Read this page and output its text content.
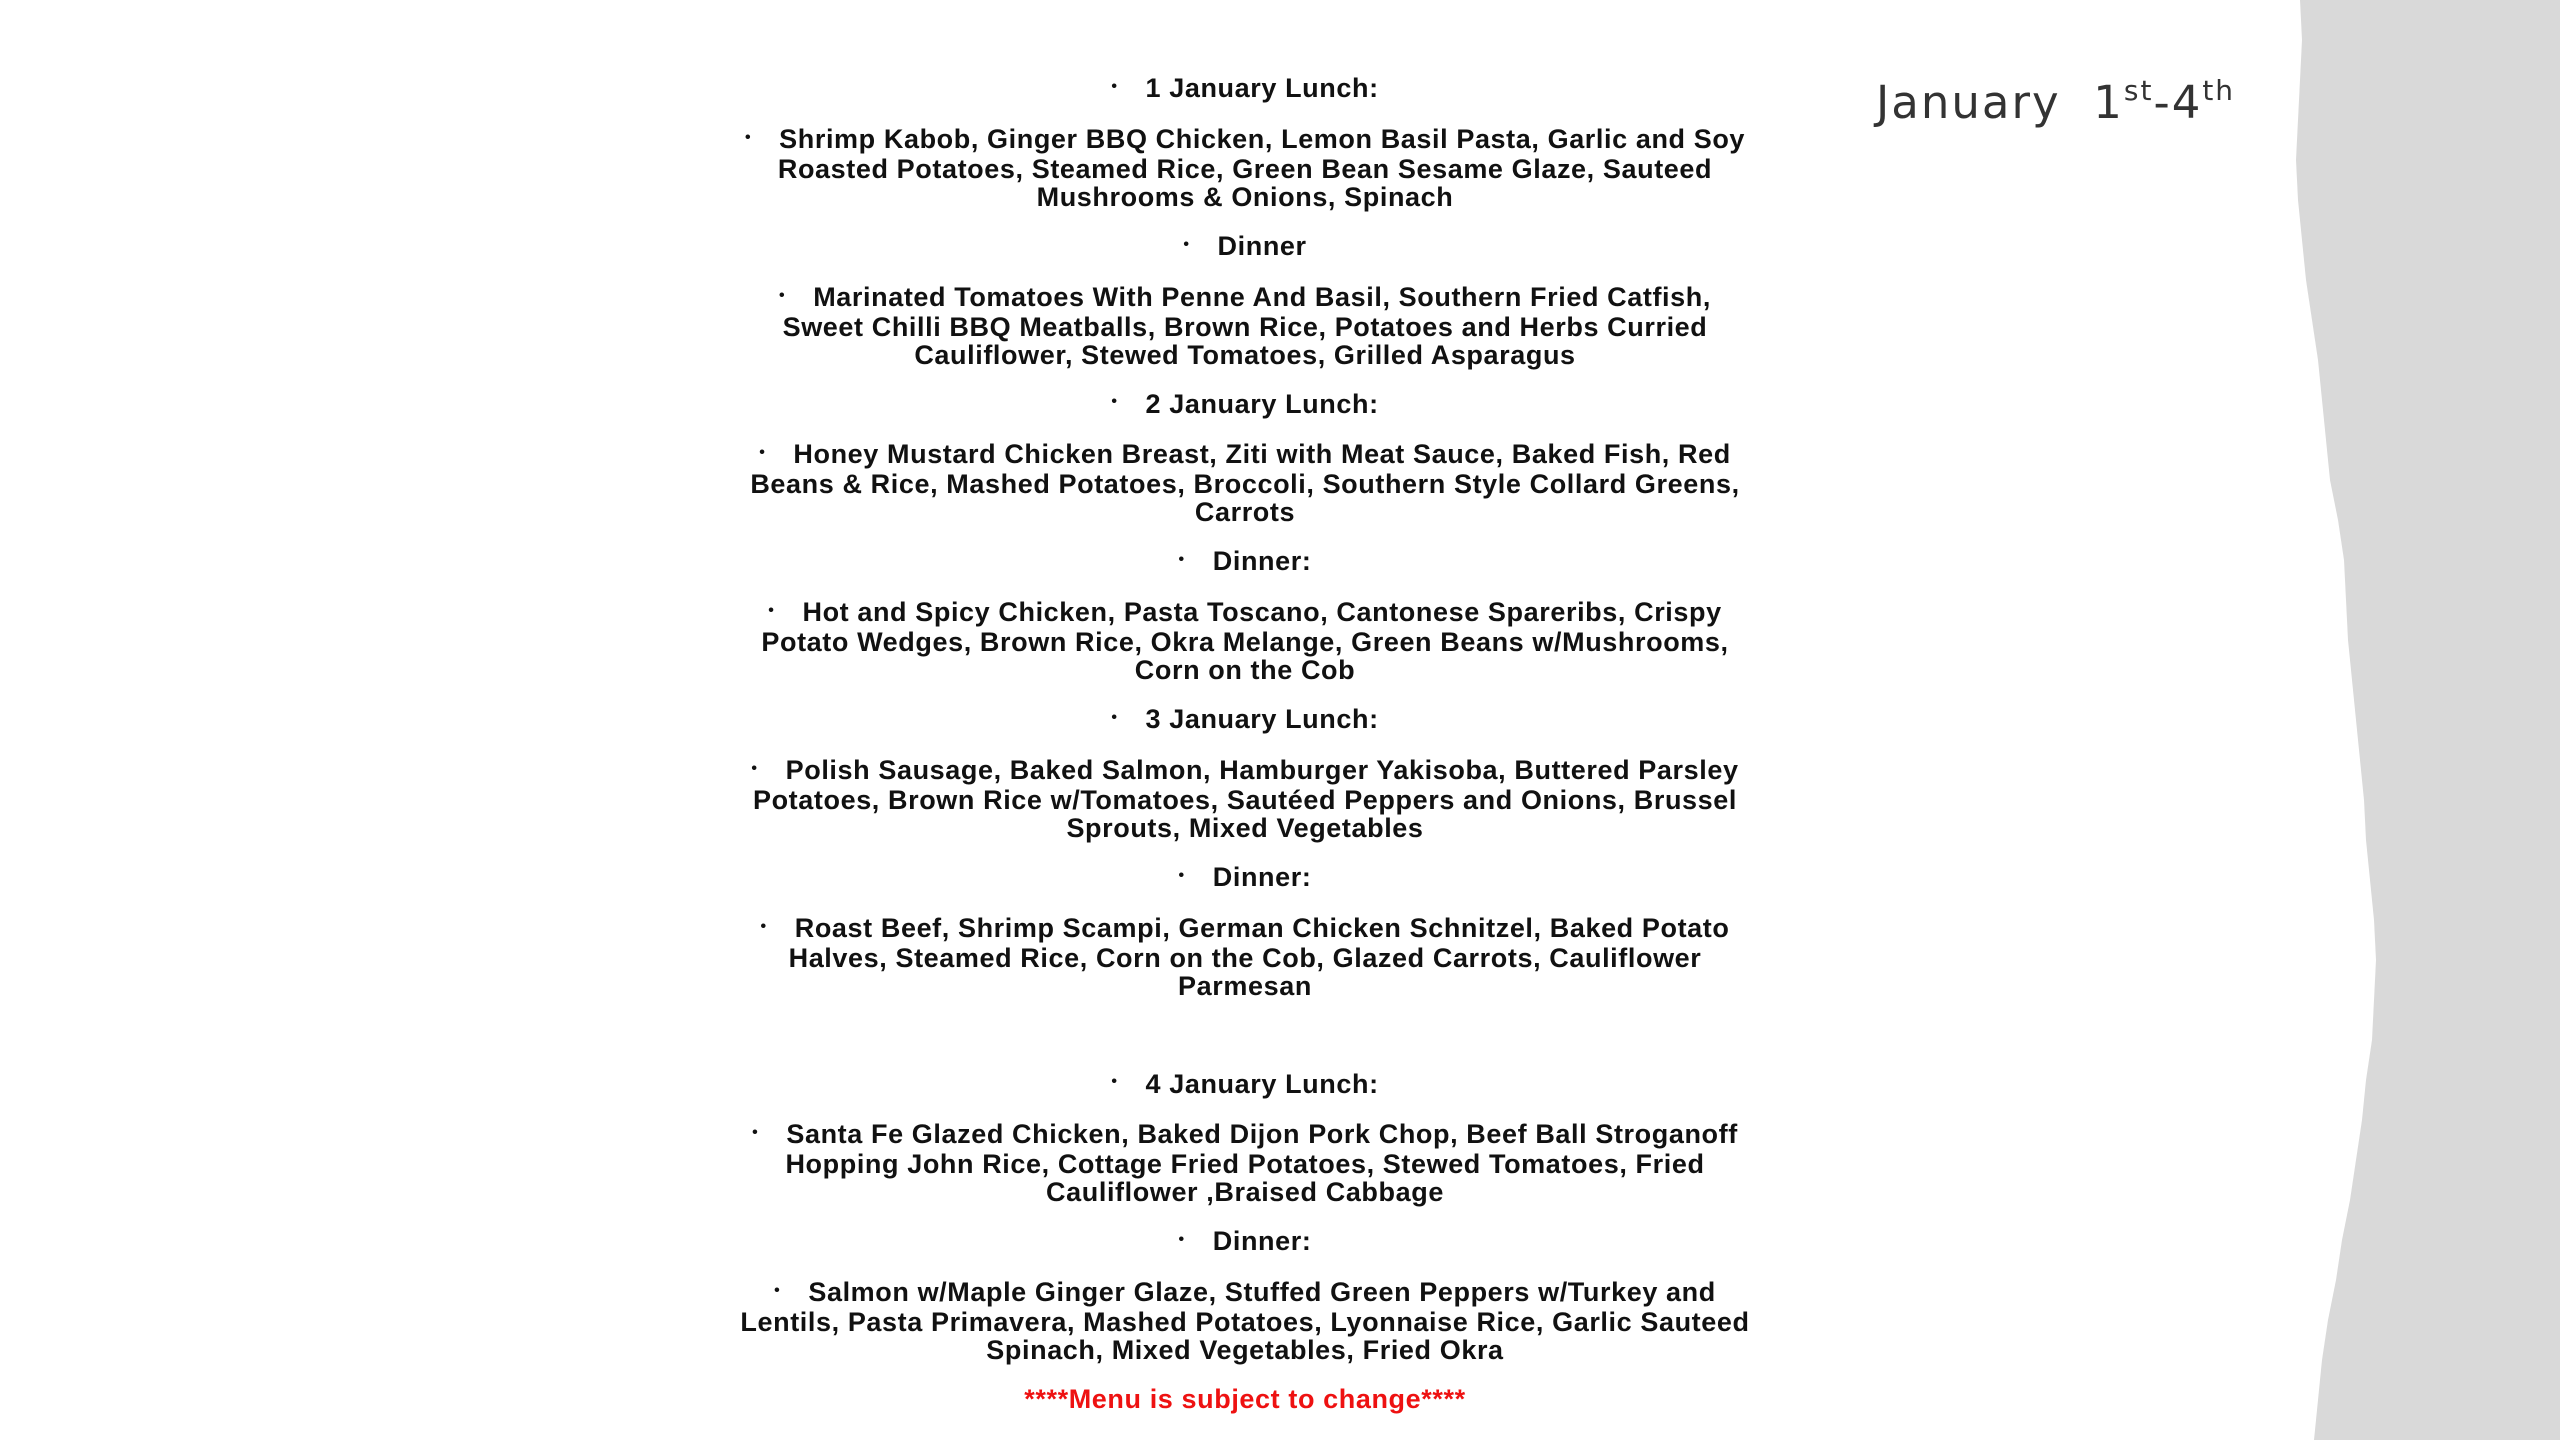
• 1 January Lunch:
• Shrimp Kabob, Ginger BBQ Chicken, Lemon Basil Pasta, Garlic and Soy Roasted Potatoes, Steamed Rice, Green Bean Sesame Glaze, Sauteed Mushrooms & Onions, Spinach
• Dinner
• Marinated Tomatoes With Penne And Basil, Southern Fried Catfish, Sweet Chilli BBQ Meatballs, Brown Rice, Potatoes and Herbs Curried Cauliflower, Stewed Tomatoes, Grilled Asparagus
• 2 January Lunch:
• Honey Mustard Chicken Breast, Ziti with Meat Sauce, Baked Fish, Red Beans & Rice, Mashed Potatoes, Broccoli, Southern Style Collard Greens, Carrots
• Dinner:
• Hot and Spicy Chicken, Pasta Toscano, Cantonese Spareribs, Crispy Potato Wedges, Brown Rice, Okra Melange, Green Beans w/Mushrooms, Corn on the Cob
• 3 January Lunch:
• Polish Sausage, Baked Salmon, Hamburger Yakisoba, Buttered Parsley Potatoes, Brown Rice w/Tomatoes, Sautéed Peppers and Onions, Brussel Sprouts, Mixed Vegetables
• Dinner:
• Roast Beef, Shrimp Scampi, German Chicken Schnitzel, Baked Potato Halves, Steamed Rice, Corn on the Cob, Glazed Carrots, Cauliflower Parmesan
• 4 January Lunch:
• Santa Fe Glazed Chicken, Baked Dijon Pork Chop, Beef Ball Stroganoff Hopping John Rice, Cottage Fried Potatoes, Stewed Tomatoes, Fried Cauliflower ,Braised Cabbage
• Dinner:
• Salmon w/Maple Ginger Glaze, Stuffed Green Peppers w/Turkey and Lentils, Pasta Primavera, Mashed Potatoes, Lyonnaise Rice, Garlic Sauteed Spinach, Mixed Vegetables, Fried Okra
****Menu is subject to change****
January 1st-4th
